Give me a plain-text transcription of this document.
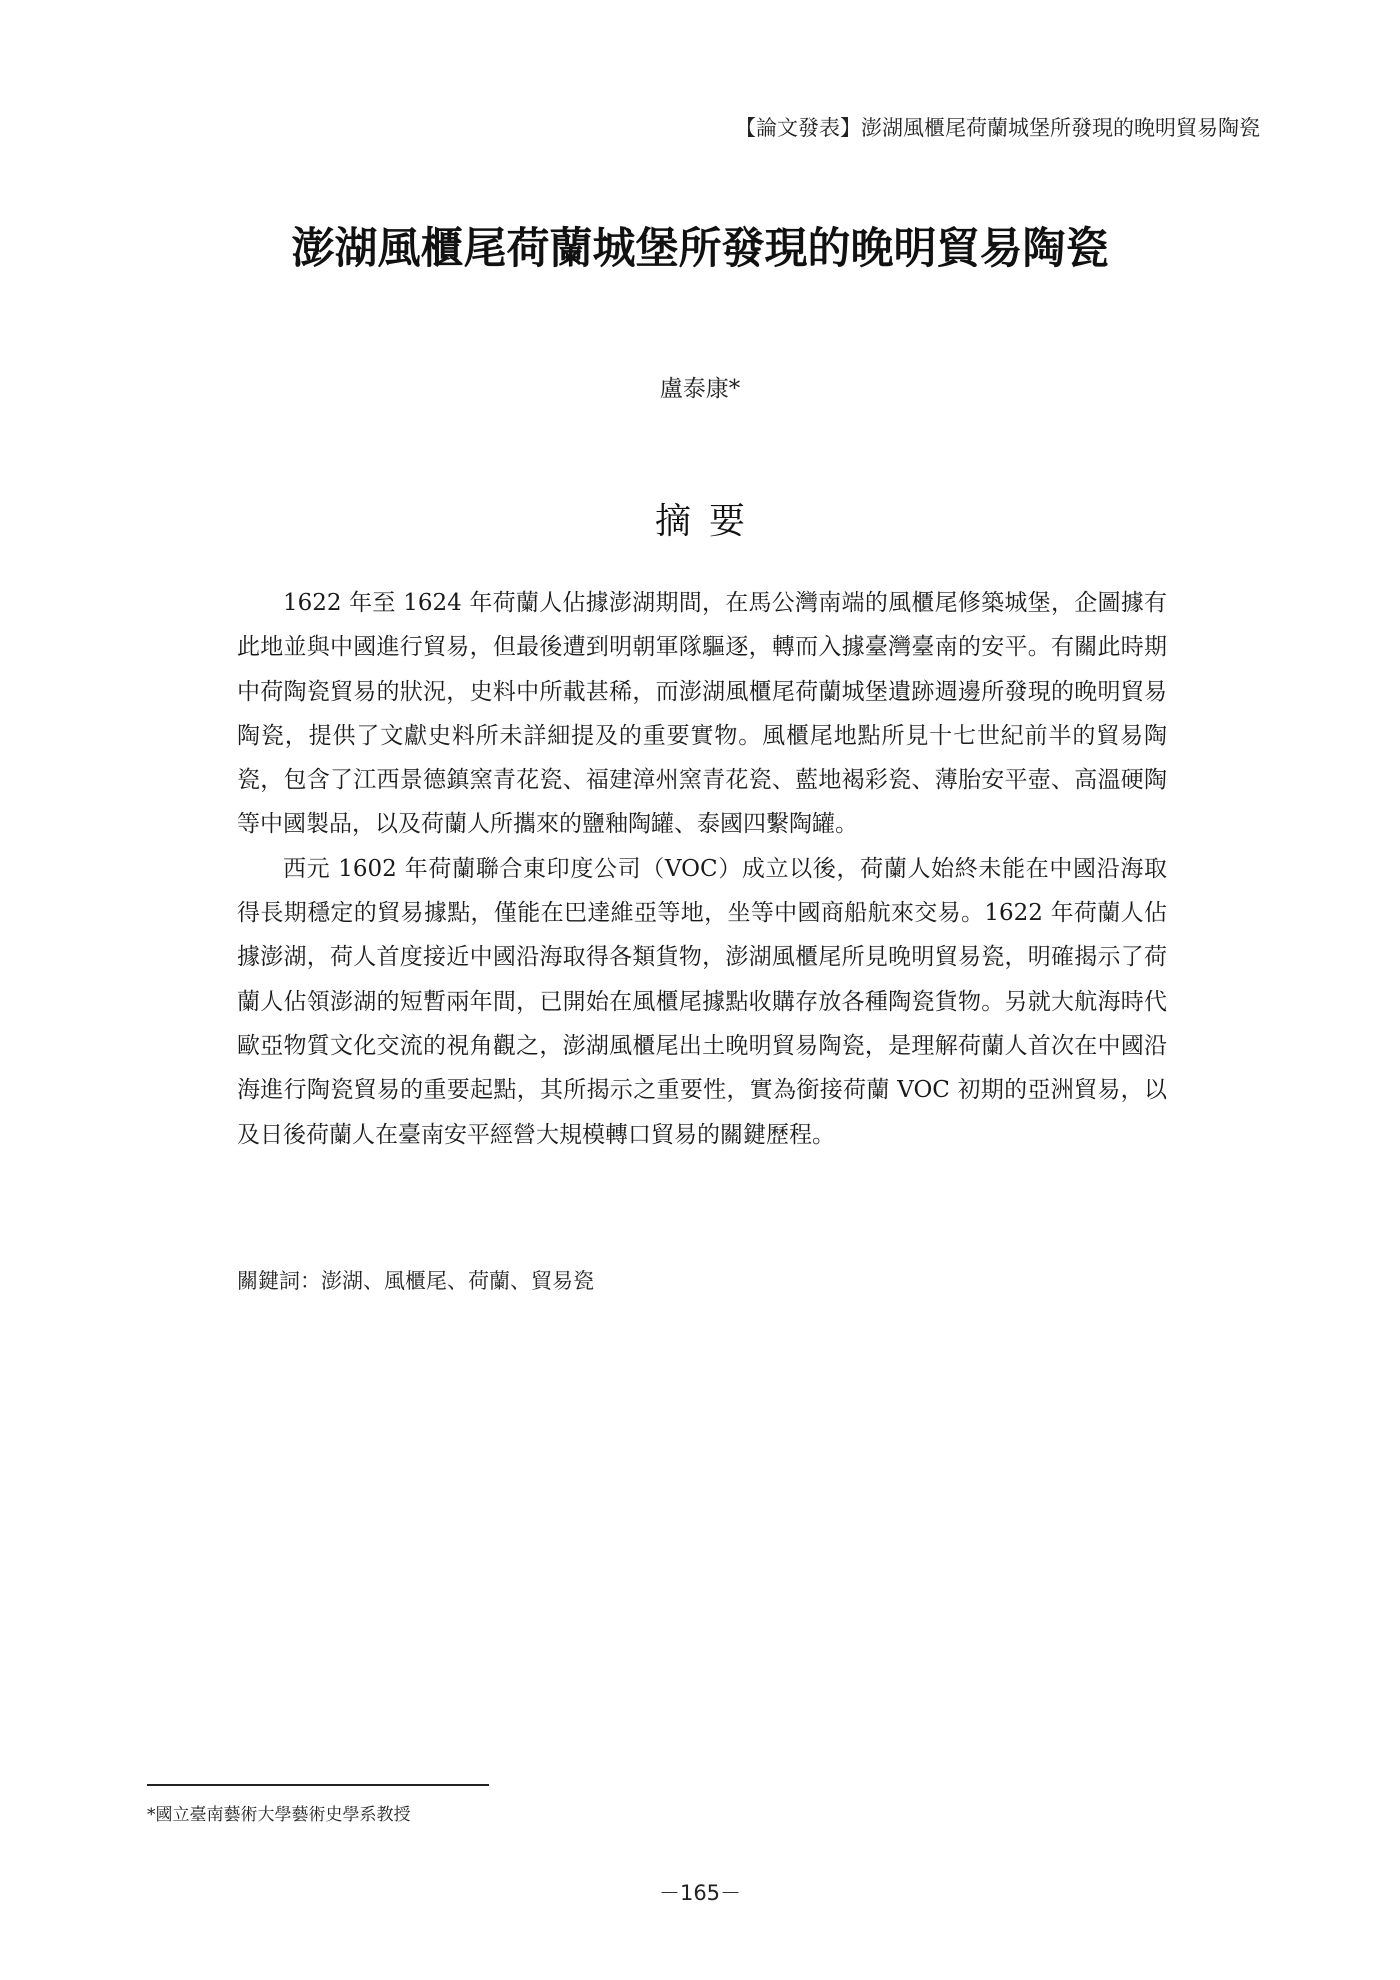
【論文發表】澎湖風櫃尾荷蘭城堡所發現的晚明貿易陶瓷
澎湖風櫃尾荷蘭城堡所發現的晚明貿易陶瓷
盧泰康*
摘要

1622 年至 1624 年荷蘭人佔據澎湖期間，在馬公灣南端的風櫃尾修築城堡，企圖據有此地並與中國進行貿易，但最後遭到明朝軍隊驅逐，轉而入據臺灣臺南的安平。有關此時期中荷陶瓷貿易的狀況，史料中所載甚稀，而澎湖風櫃尾荷蘭城堡遺跡週邊所發現的晚明貿易陶瓷，提供了文獻史料所未詳細提及的重要實物。風櫃尾地點所見十七世紀前半的貿易陶瓷，包含了江西景德鎮窯青花瓷、福建漳州窯青花瓷、藍地褐彩瓷、薄胎安平壺、高溫硬陶等中國製品，以及荷蘭人所攜來的鹽釉陶罐、泰國四繫陶罐。

西元 1602 年荷蘭聯合東印度公司（VOC）成立以後，荷蘭人始終未能在中國沿海取得長期穩定的貿易據點，僅能在巴達維亞等地，坐等中國商船航來交易。1622 年荷蘭人佔據澎湖，荷人首度接近中國沿海取得各類貨物，澎湖風櫃尾所見晚明貿易瓷，明確揭示了荷蘭人佔領澎湖的短暫兩年間，已開始在風櫃尾據點收購存放各種陶瓷貨物。另就大航海時代歐亞物質文化交流的視角觀之，澎湖風櫃尾出土晚明貿易陶瓷，是理解荷蘭人首次在中國沿海進行陶瓷貿易的重要起點，其所揭示之重要性，實為銜接荷蘭 VOC 初期的亞洲貿易，以及日後荷蘭人在臺南安平經營大規模轉口貿易的關鍵歷程。

關鍵詞：澎湖、風櫃尾、荷蘭、貿易瓷
*國立臺南藝術大學藝術史學系教授
－165－
